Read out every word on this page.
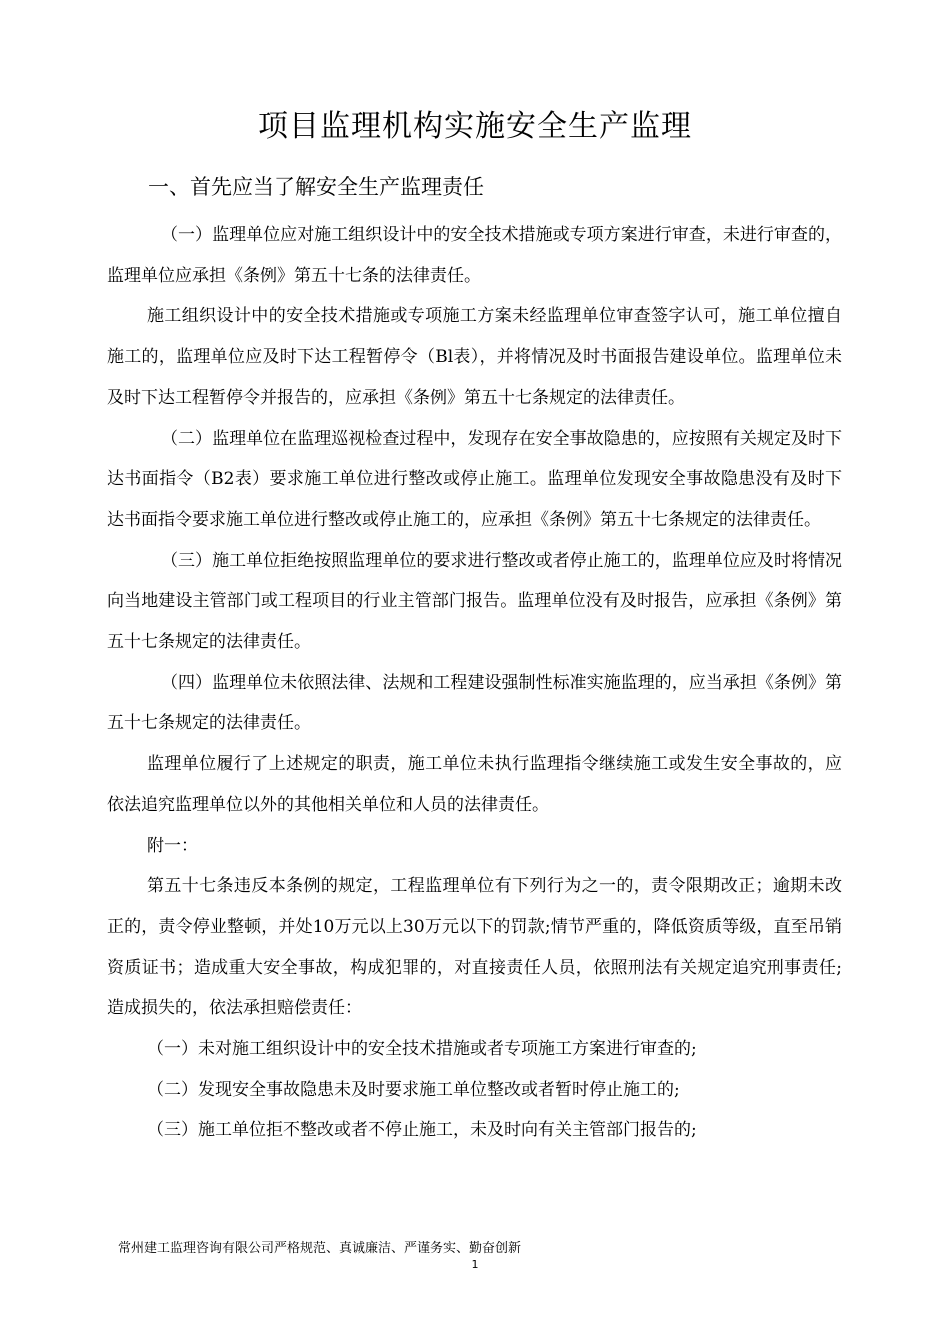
项目监理机构实施安全生产监理
一、首先应当了解安全生产监理责任

（一）监理单位应对施工组织设计中的安全技术措施或专项方案进行审查，未进行审查的，监理单位应承担《条例》第五十七条的法律责任。

施工组织设计中的安全技术措施或专项施工方案未经监理单位审查签字认可，施工单位擅自施工的，监理单位应及时下达工程暂停令（Bl表），并将情况及时书面报告建设单位。监理单位未及时下达工程暂停令并报告的，应承担《条例》第五十七条规定的法律责任。

（二）监理单位在监理巡视检查过程中，发现存在安全事故隐患的，应按照有关规定及时下达书面指令（B2表）要求施工单位进行整改或停止施工。监理单位发现安全事故隐患没有及时下达书面指令要求施工单位进行整改或停止施工的，应承担《条例》第五十七条规定的法律责任。

（三）施工单位拒绝按照监理单位的要求进行整改或者停止施工的，监理单位应及时将情况向当地建设主管部门或工程项目的行业主管部门报告。监理单位没有及时报告，应承担《条例》第五十七条规定的法律责任。

（四）监理单位未依照法律、法规和工程建设强制性标准实施监理的，应当承担《条例》第五十七条规定的法律责任。

监理单位履行了上述规定的职责，施工单位未执行监理指令继续施工或发生安全事故的，应依法追究监理单位以外的其他相关单位和人员的法律责任。

附一：

第五十七条违反本条例的规定，工程监理单位有下列行为之一的，责令限期改正；逾期未改正的，责令停业整顿，并处10万元以上30万元以下的罚款;情节严重的，降低资质等级，直至吊销资质证书；造成重大安全事故，构成犯罪的，对直接责任人员，依照刑法有关规定追究刑事责任;造成损失的，依法承担赔偿责任：

（一）未对施工组织设计中的安全技术措施或者专项施工方案进行审查的;

（二）发现安全事故隐患未及时要求施工单位整改或者暂时停止施工的;

（三）施工单位拒不整改或者不停止施工，未及时向有关主管部门报告的;

常州建工监理咨询有限公司严格规范、真诚廉洁、严谨务实、勤奋创新
1
